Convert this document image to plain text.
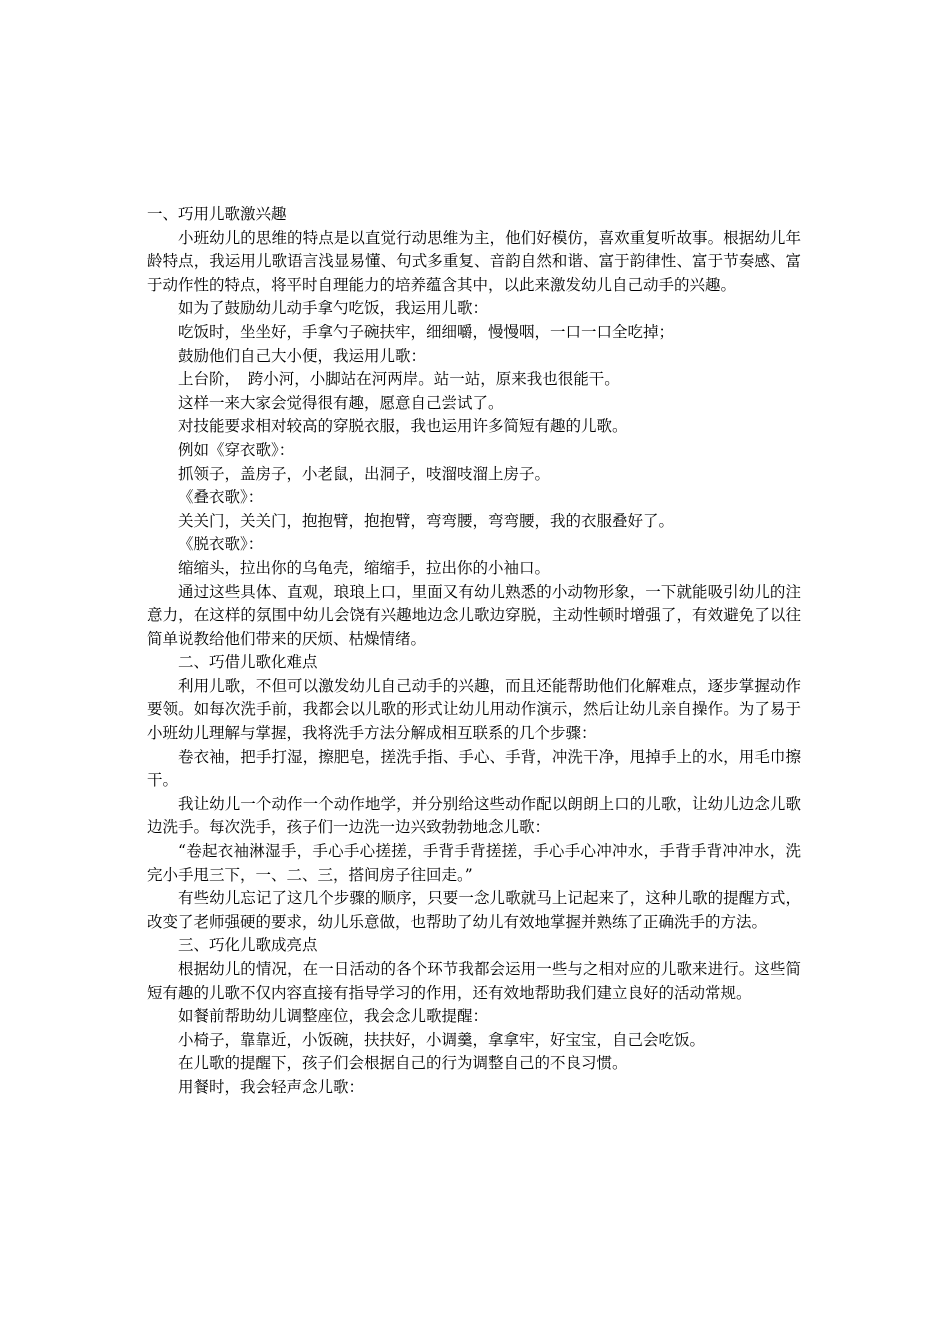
一、巧用儿歌激兴趣

小班幼儿的思维的特点是以直觉行动思维为主，他们好模仿，喜欢重复听故事。根据幼儿年龄特点，我运用儿歌语言浅显易懂、句式多重复、音韵自然和谐、富于韵律性、富于节奏感、富于动作性的特点，将平时自理能力的培养蕴含其中，以此来激发幼儿自己动手的兴趣。

如为了鼓励幼儿动手拿勺吃饭，我运用儿歌：

吃饭时，坐坐好，手拿勺子碗扶牢，细细嚼，慢慢咽，一口一口全吃掉；

鼓励他们自己大小便，我运用儿歌：

上台阶，　跨小河，小脚站在河两岸。站一站，原来我也很能干。

这样一来大家会觉得很有趣，愿意自己尝试了。

对技能要求相对较高的穿脱衣服，我也运用许多简短有趣的儿歌。

例如《穿衣歌》：

抓领子，盖房子，小老鼠，出洞子，吱溜吱溜上房子。

《叠衣歌》：

关关门，关关门，抱抱臂，抱抱臂，弯弯腰，弯弯腰，我的衣服叠好了。

《脱衣歌》：

缩缩头，拉出你的乌龟壳，缩缩手，拉出你的小袖口。

通过这些具体、直观，琅琅上口，里面又有幼儿熟悉的小动物形象，一下就能吸引幼儿的注意力，在这样的氛围中幼儿会饶有兴趣地边念儿歌边穿脱，主动性顿时增强了，有效避免了以往简单说教给他们带来的厌烦、枯燥情绪。

二、巧借儿歌化难点

利用儿歌，不但可以激发幼儿自己动手的兴趣，而且还能帮助他们化解难点，逐步掌握动作要领。如每次洗手前，我都会以儿歌的形式让幼儿用动作演示，然后让幼儿亲自操作。为了易于小班幼儿理解与掌握，我将洗手方法分解成相互联系的几个步骤：

卷衣袖，把手打湿，擦肥皂，搓洗手指、手心、手背，冲洗干净，甩掉手上的水，用毛巾擦干。

我让幼儿一个动作一个动作地学，并分别给这些动作配以朗朗上口的儿歌，让幼儿边念儿歌边洗手。每次洗手，孩子们一边洗一边兴致勃勃地念儿歌：

“卷起衣袖淋湿手，手心手心搓搓，手背手背搓搓，手心手心冲冲水，手背手背冲冲水，洗完小手甩三下，一、二、三，搭间房子往回走。”

有些幼儿忘记了这几个步骤的顺序，只要一念儿歌就马上记起来了，这种儿歌的提醒方式，改变了老师强硬的要求，幼儿乐意做，也帮助了幼儿有效地掌握并熟练了正确洗手的方法。

三、巧化儿歌成亮点

根据幼儿的情况，在一日活动的各个环节我都会运用一些与之相对应的儿歌来进行。这些简短有趣的儿歌不仅内容直接有指导学习的作用，还有效地帮助我们建立良好的活动常规。

如餐前帮助幼儿调整座位，我会念儿歌提醒：

小椅子，靠靠近，小饭碗，扶扶好，小调羹，拿拿牢，好宝宝，自己会吃饭。

在儿歌的提醒下，孩子们会根据自己的行为调整自己的不良习惯。

用餐时，我会轻声念儿歌：
